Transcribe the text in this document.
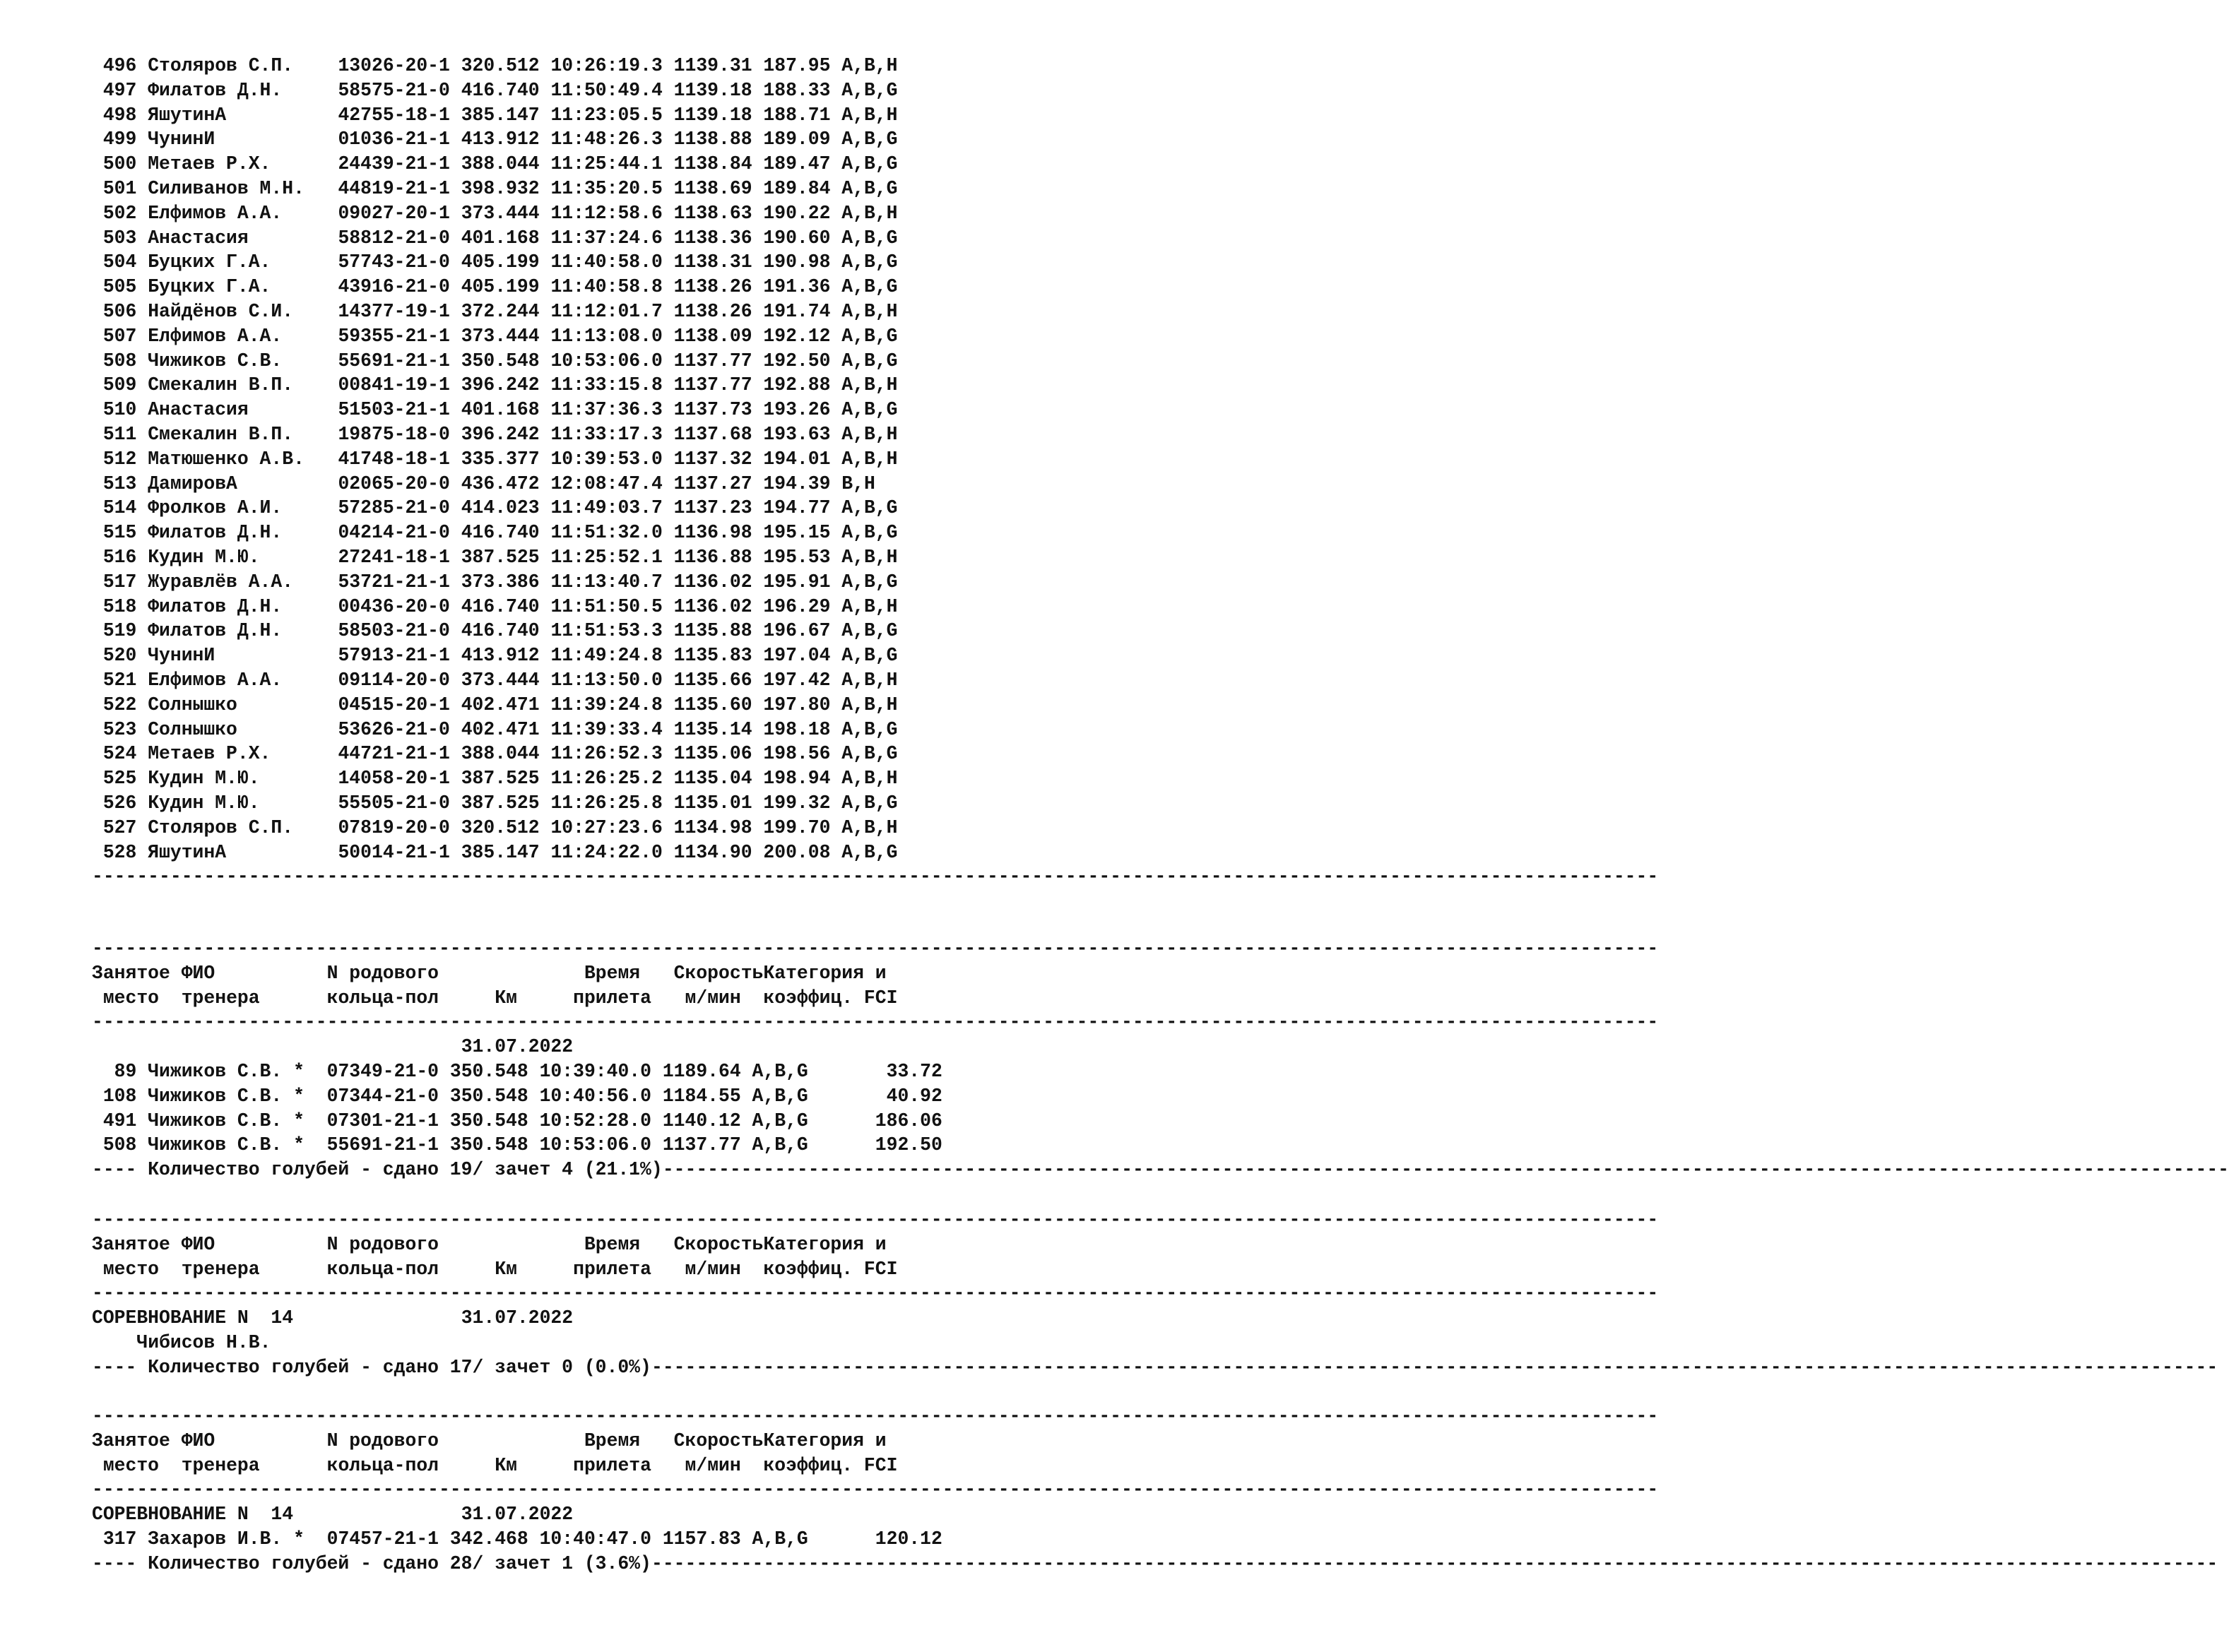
496 Столяров С.П. 13026-20-1 320.512 10:26:19.3 1139.31 187.95 A,B,H
497 Филатов Д.Н.	58575-21-0 416.740 11:50:49.4 1139.18 188.33 A,B,G
498 ЯшутинА	42755-18-1 385.147 11:23:05.5 1139.18 188.71 A,B,H
499 ЧунинИ	01036-21-1 413.912 11:48:26.3 1138.88 189.09 A,B,G
500 Метаев Р.Х.	24439-21-1 388.044 11:25:44.1 1138.84 189.47 A,B,G
501 Силиванов М.Н. 44819-21-1 398.932 11:35:20.5 1138.69 189.84 A,B,G
502 Елфимов А.А.	09027-20-1 373.444 11:12:58.6 1138.63 190.22 A,B,H
503 Анастасия	58812-21-0 401.168 11:37:24.6 1138.36 190.60 A,B,G
504 Буцких Г.А.	57743-21-0 405.199 11:40:58.0 1138.31 190.98 A,B,G
505 Буцких Г.А.	43916-21-0 405.199 11:40:58.8 1138.26 191.36 A,B,G
506 Найдёнов С.И. 14377-19-1 372.244 11:12:01.7 1138.26 191.74 A,B,H
507 Елфимов А.А.	59355-21-1 373.444 11:13:08.0 1138.09 192.12 A,B,G
508 Чижиков С.В.	55691-21-1 350.548 10:53:06.0 1137.77 192.50 A,B,G
509 Смекалин В.П. 00841-19-1 396.242 11:33:15.8 1137.77 192.88 A,B,H
510 Анастасия	51503-21-1 401.168 11:37:36.3 1137.73 193.26 A,B,G
511 Смекалин В.П. 19875-18-0 396.242 11:33:17.3 1137.68 193.63 A,B,H
512 Матюшенко А.В. 41748-18-1 335.377 10:39:53.0 1137.32 194.01 A,B,H
513 ДамировА	02065-20-0 436.472 12:08:47.4 1137.27 194.39 B,H
514 Фролков А.И.	57285-21-0 414.023 11:49:03.7 1137.23 194.77 A,B,G
515 Филатов Д.Н.	04214-21-0 416.740 11:51:32.0 1136.98 195.15 A,B,G
516 Кудин М.Ю.	27241-18-1 387.525 11:25:52.1 1136.88 195.53 A,B,H
517 Журавлёв А.А. 53721-21-1 373.386 11:13:40.7 1136.02 195.91 A,B,G
518 Филатов Д.Н.	00436-20-0 416.740 11:51:50.5 1136.02 196.29 A,B,H
519 Филатов Д.Н.	58503-21-0 416.740 11:51:53.3 1135.88 196.67 A,B,G
520 ЧунинИ	57913-21-1 413.912 11:49:24.8 1135.83 197.04 A,B,G
521 Елфимов А.А.	09114-20-0 373.444 11:13:50.0 1135.66 197.42 A,B,H
522 Солнышко	04515-20-1 402.471 11:39:24.8 1135.60 197.80 A,B,H
523 Солнышко	53626-21-0 402.471 11:39:33.4 1135.14 198.18 A,B,G
524 Метаев Р.Х.	44721-21-1 388.044 11:26:52.3 1135.06 198.56 A,B,G
525 Кудин М.Ю.	14058-20-1 387.525 11:26:25.2 1135.04 198.94 A,B,H
526 Кудин М.Ю.	55505-21-0 387.525 11:26:25.8 1135.01 199.32 A,B,G
527 Столяров С.П. 07819-20-0 320.512 10:27:23.6 1134.98 199.70 A,B,H
528 ЯшутинА	50014-21-1 385.147 11:24:22.0 1134.90 200.08 A,B,G
--------------------------------------------------------------------------------------------------------------------------------------------
--------------------------------------------------------------------------------------------------------------------------------------------
Занятое ФИО	N родового	Время Скорость Категория и
место тренера	кольца-пол	Км	прилета м/мин коэффиц. FCI
--------------------------------------------------------------------------------------------------------------------------------------------
31.07.2022
89 Чижиков С.В. * 07349-21-0 350.548 10:39:40.0 1189.64 A,B,G	33.72
108 Чижиков С.В. * 07344-21-0 350.548 10:40:56.0 1184.55 A,B,G	40.92
491 Чижиков С.В. * 07301-21-1 350.548 10:52:28.0 1140.12 A,B,G	186.06
508 Чижиков С.В. * 55691-21-1 350.548 10:53:06.0 1137.77 A,B,G	192.50
---- Количество голубей - сдано 19/ зачет 4 (21.1%) --------------------------------------------------------------------------------------------------------------------------------------------
--------------------------------------------------------------------------------------------------------------------------------------------
Занятое ФИО	N родового	Время Скорость Категория и
место тренера	кольца-пол	Км	прилета м/мин коэффиц. FCI
--------------------------------------------------------------------------------------------------------------------------------------------
СОРЕВНОВАНИЕ N  14	31.07.2022
Чибисов Н.В.
---- Количество голубей - сдано 17/ зачет 0 (0.0%) --------------------------------------------------------------------------------------------------------------------------------------------
--------------------------------------------------------------------------------------------------------------------------------------------
Занятое ФИО	N родового	Время Скорость Категория и
место тренера	кольца-пол	Км	прилета м/мин коэффиц. FCI
--------------------------------------------------------------------------------------------------------------------------------------------
СОРЕВНОВАНИЕ N  14	31.07.2022
317 Захаров И.В. * 07457-21-1 342.468 10:40:47.0 1157.83 A,B,G	120.12
---- Количество голубей - сдано 28/ зачет 1 (3.6%) --------------------------------------------------------------------------------------------------------------------------------------------
